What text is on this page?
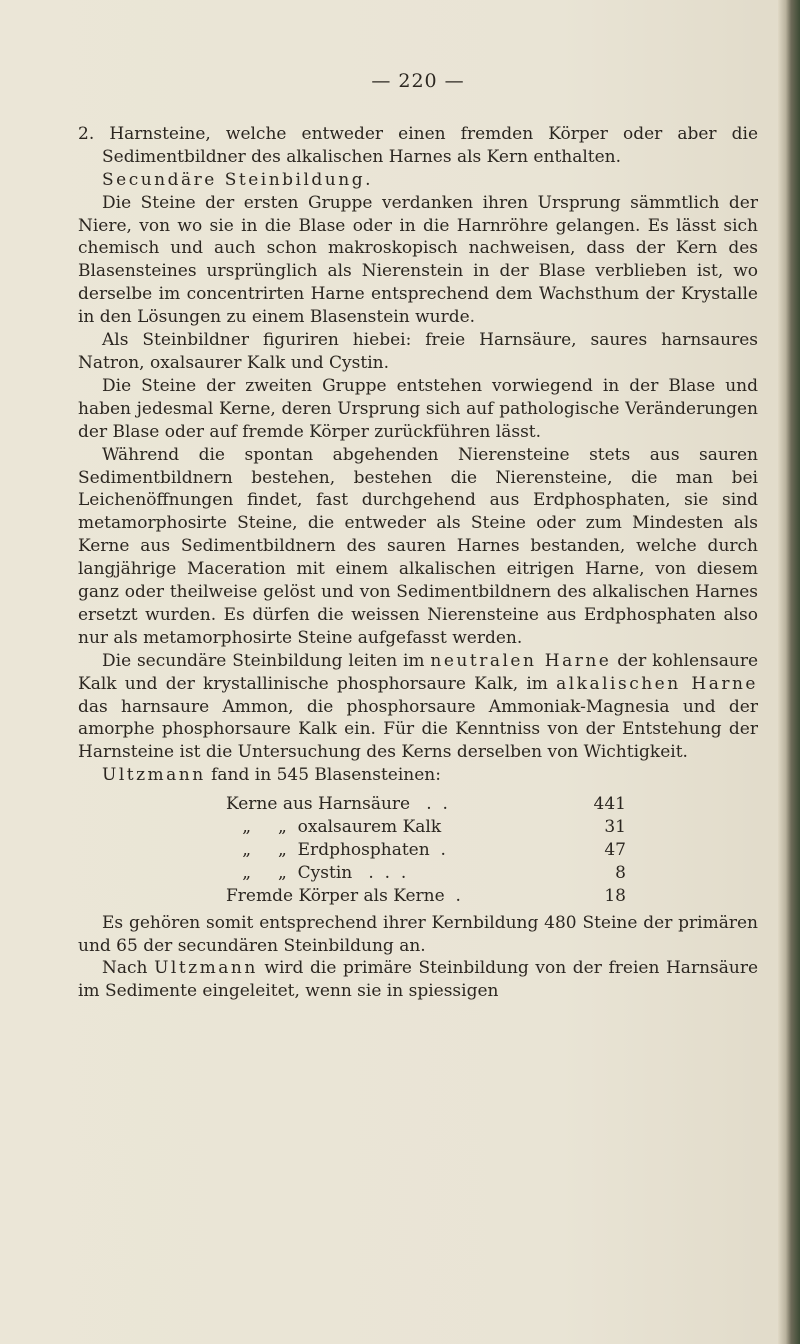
— 220 —

2. Harnsteine, welche entweder einen fremden Körper oder aber die Sedimentbildner des alkalischen Harnes als Kern enthalten.
Secundäre Steinbildung.

Die Steine der ersten Gruppe verdanken ihren Ursprung sämmtlich der Niere, von wo sie in die Blase oder in die Harnröhre gelangen. Es lässt sich chemisch und auch schon makroskopisch nachweisen, dass der Kern des Blasensteines ursprünglich als Nierenstein in der Blase verblieben ist, wo derselbe im concentrirten Harne entsprechend dem Wachsthum der Krystalle in den Lösungen zu einem Blasenstein wurde.

Als Steinbildner figuriren hiebei: freie Harnsäure, saures harnsaures Natron, oxalsaurer Kalk und Cystin.

Die Steine der zweiten Gruppe entstehen vorwiegend in der Blase und haben jedesmal Kerne, deren Ursprung sich auf pathologische Veränderungen der Blase oder auf fremde Körper zurückführen lässt.

Während die spontan abgehenden Nierensteine stets aus sauren Sedimentbildnern bestehen, bestehen die Nierensteine, die man bei Leichenöffnungen findet, fast durchgehend aus Erdphosphaten, sie sind metamorphosirte Steine, die entweder als Steine oder zum Mindesten als Kerne aus Sedimentbildnern des sauren Harnes bestanden, welche durch langjährige Maceration mit einem alkalischen eitrigen Harne, von diesem ganz oder theilweise gelöst und von Sedimentbildnern des alkalischen Harnes ersetzt wurden. Es dürfen die weissen Nierensteine aus Erdphosphaten also nur als metamorphosirte Steine aufgefasst werden.

Die secundäre Steinbildung leiten im neutralen Harne der kohlensaure Kalk und der krystallinische phosphorsaure Kalk, im alkalischen Harne das harnsaure Ammon, die phosphorsaure Ammoniak-Magnesia und der amorphe phosphorsaure Kalk ein. Für die Kenntniss von der Entstehung der Harnsteine ist die Untersuchung des Kerns derselben von Wichtigkeit.

Ultzmann fand in 545 Blasensteinen:

Kerne aus Harnsäure   .  .	441
„     „  oxalsaurem Kalk	31
„     „  Erdphosphaten  .	47
„     „  Cystin   .  .  .	8
Fremde Körper als Kerne  .	18

Es gehören somit entsprechend ihrer Kernbildung 480 Steine der primären und 65 der secundären Steinbildung an.

Nach Ultzmann wird die primäre Steinbildung von der freien Harnsäure im Sedimente eingeleitet, wenn sie in spiessigen
